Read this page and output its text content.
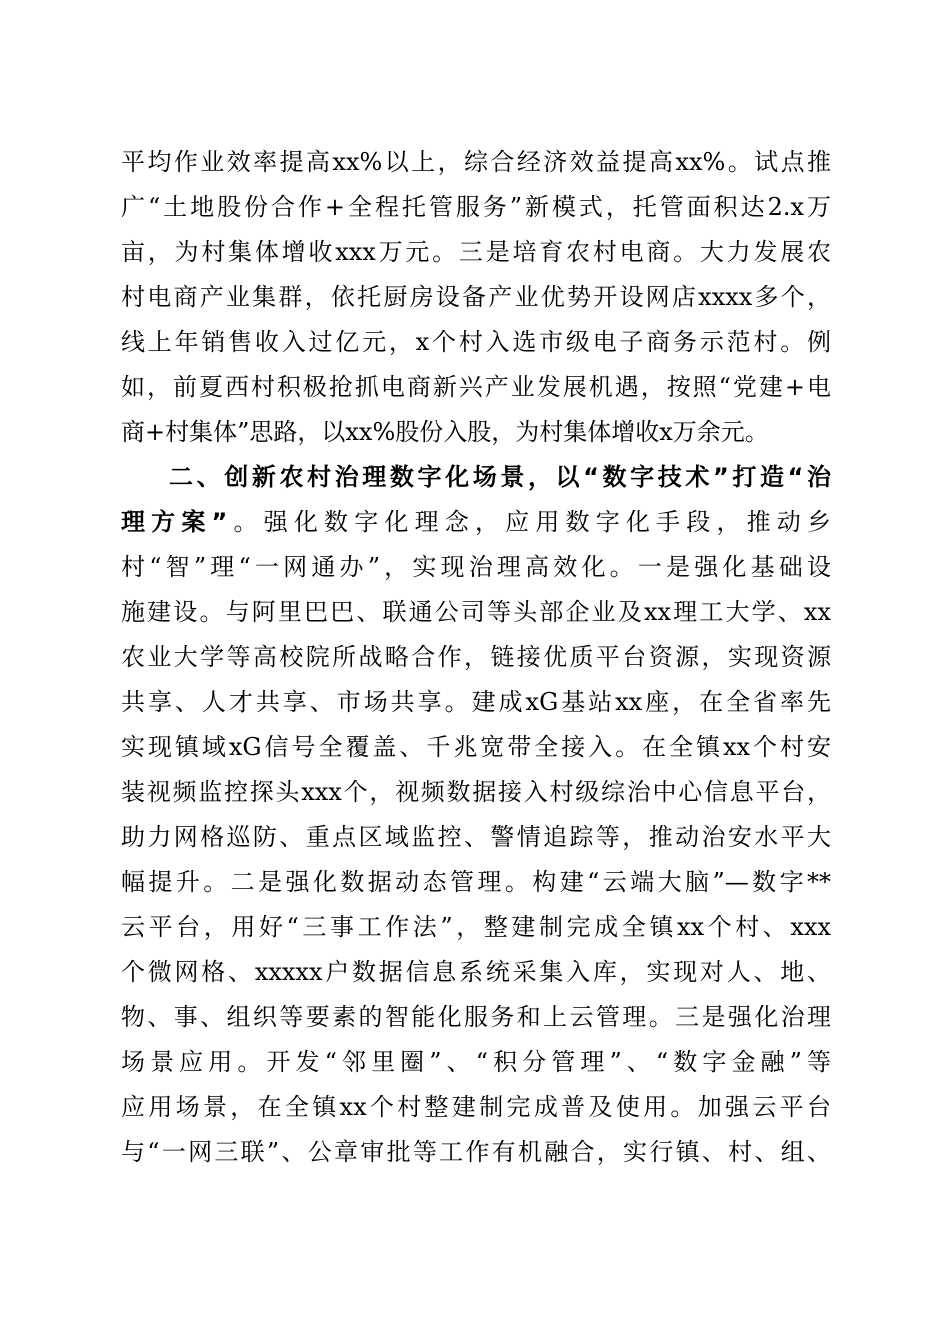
平均作业效率提高xx%以上，综合经济效益提高xx%。试点推
广“土地股份合作+全程托管服务”新模式，托管面积达2.x万
亩，为村集体增收xxx万元。三是培育农村电商。大力发展农
村电商产业集群，依托厨房设备产业优势开设网店xxxx多个，
线上年销售收入过亿元，x个村入选市级电子商务示范村。例
如，前夏西村积极抢抓电商新兴产业发展机遇，按照“党建+电
商+村集体”思路，以xx%股份入股，为村集体增收x万余元。
二、创新农村治理数字化场景，以“数字技术”打造“治
理方案”。强化数字化理念，应用数字化手段，推动乡
村“智”理“一网通办”，实现治理高效化。一是强化基础设
施建设。与阿里巴巴、联通公司等头部企业及xx理工大学、xx
农业大学等高校院所战略合作，链接优质平台资源，实现资源
共享、人才共享、市场共享。建成xG基站xx座，在全省率先
实现镇域xG信号全覆盖、千兆宽带全接入。在全镇xx个村安
装视频监控探头xxx个，视频数据接入村级综治中心信息平台，
助力网格巡防、重点区域监控、警情追踪等，推动治安水平大
幅提升。二是强化数据动态管理。构建“云端大脑”—数字**
云平台，用好“三事工作法”，整建制完成全镇xx个村、xxx
个微网格、xxxxx户数据信息系统采集入库，实现对人、地、
物、事、组织等要素的智能化服务和上云管理。三是强化治理
场景应用。开发“邻里圈”、“积分管理”、“数字金融”等
应用场景，在全镇xx个村整建制完成普及使用。加强云平台
与“一网三联”、公章审批等工作有机融合，实行镇、村、组、
